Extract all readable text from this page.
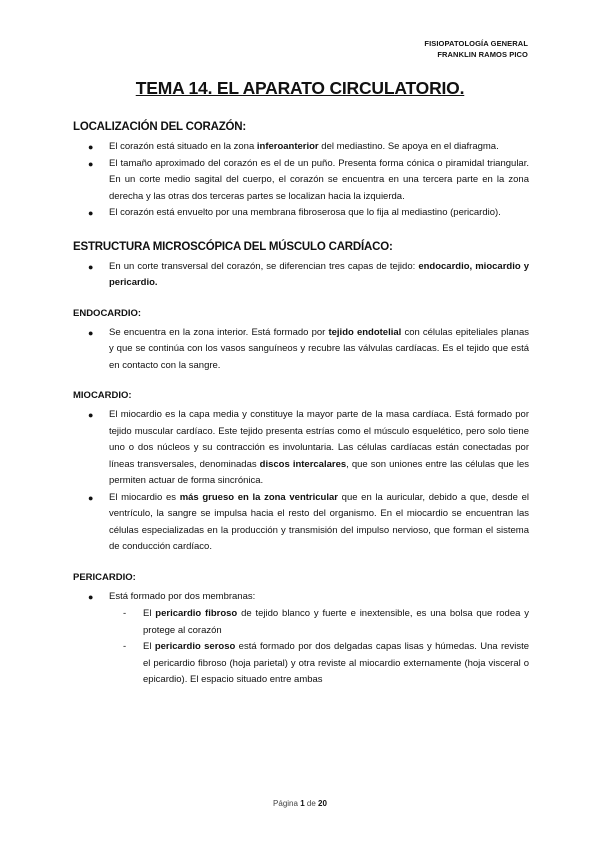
FISIOPATOLOGÍA GENERAL
FRANKLIN RAMOS PICO
TEMA 14. EL APARATO CIRCULATORIO.
LOCALIZACIÓN DEL CORAZÓN:
● El corazón está situado en la zona inferoanterior del mediastino. Se apoya en el diafragma.
● El tamaño aproximado del corazón es el de un puño. Presenta forma cónica o piramidal triangular. En un corte medio sagital del cuerpo, el corazón se encuentra en una tercera parte en la zona derecha y las otras dos terceras partes se localizan hacia la izquierda.
● El corazón está envuelto por una membrana fibroserosa que lo fija al mediastino (pericardio).
ESTRUCTURA MICROSCÓPICA DEL MÚSCULO CARDÍACO:
● En un corte transversal del corazón, se diferencian tres capas de tejido: endocardio, miocardio y pericardio.
ENDOCARDIO:
● Se encuentra en la zona interior. Está formado por tejido endotelial con células epiteliales planas y que se continúa con los vasos sanguíneos y recubre las válvulas cardíacas. Es el tejido que está en contacto con la sangre.
MIOCARDIO:
● El miocardio es la capa media y constituye la mayor parte de la masa cardíaca. Está formado por tejido muscular cardíaco. Este tejido presenta estrías como el músculo esquelético, pero solo tiene uno o dos núcleos y su contracción es involuntaria. Las células cardíacas están conectadas por líneas transversales, denominadas discos intercalares, que son uniones entre las células que les permiten actuar de forma sincrónica.
● El miocardio es más grueso en la zona ventricular que en la auricular, debido a que, desde el ventrículo, la sangre se impulsa hacia el resto del organismo. En el miocardio se encuentran las células especializadas en la producción y transmisión del impulso nervioso, que forman el sistema de conducción cardíaco.
PERICARDIO:
● Está formado por dos membranas:
- El pericardio fibroso de tejido blanco y fuerte e inextensible, es una bolsa que rodea y protege al corazón
- El pericardio seroso está formado por dos delgadas capas lisas y húmedas. Una reviste el pericardio fibroso (hoja parietal) y otra reviste al miocardio externamente (hoja visceral o epicardio). El espacio situado entre ambas
Página 1 de 20
